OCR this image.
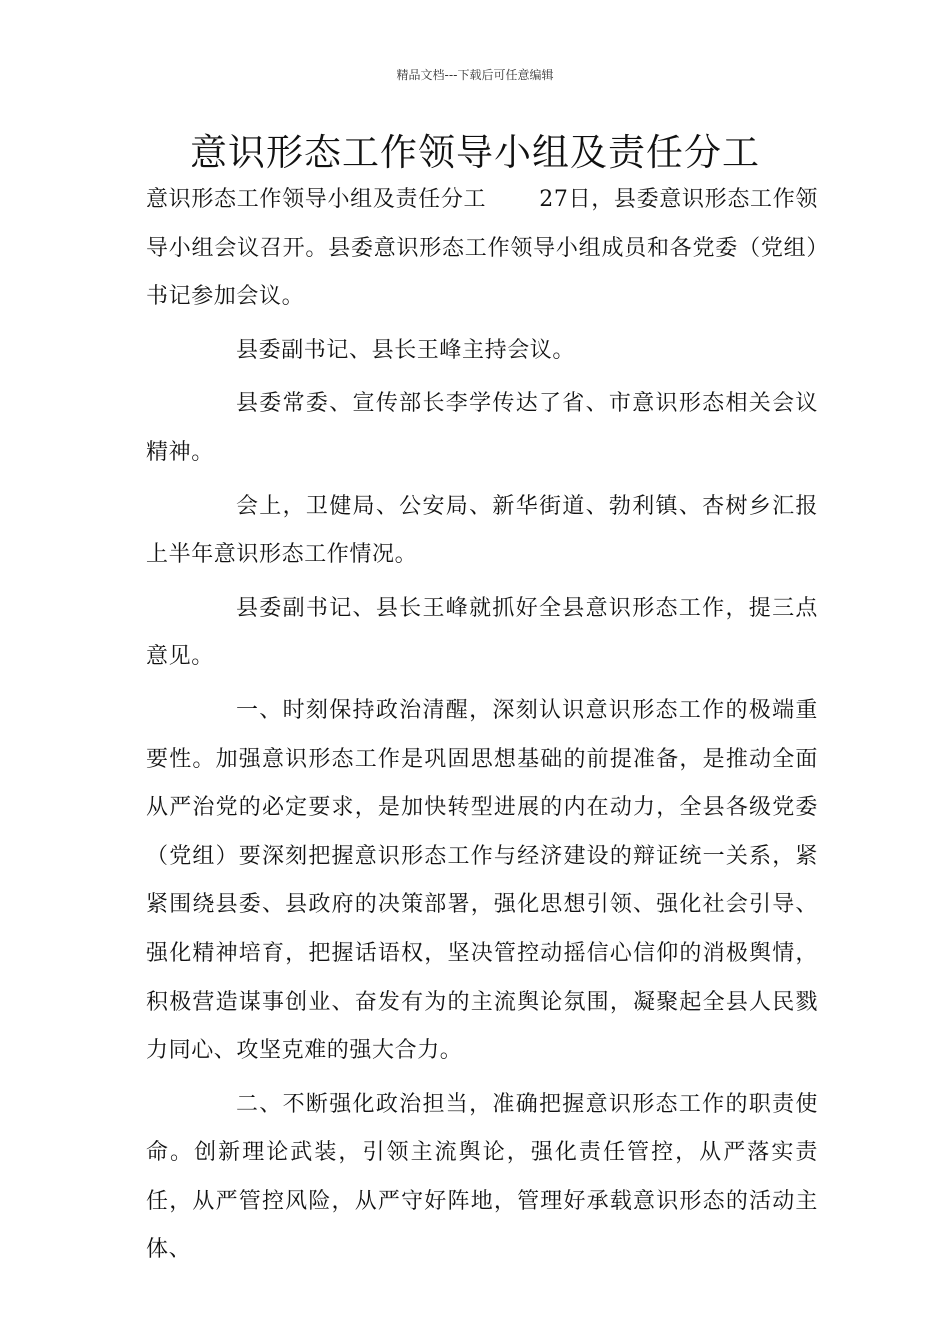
精品文档---下载后可任意编辑
意识形态工作领导小组及责任分工

意识形态工作领导小组及责任分工　　 27日，县委意识形态工作领导小组会议召开。县委意识形态工作领导小组成员和各党委（党组）书记参加会议。

县委副书记、县长王峰主持会议。

县委常委、宣传部长李学传达了省、市意识形态相关会议精神。

会上，卫健局、公安局、新华街道、勃利镇、杏树乡汇报上半年意识形态工作情况。

县委副书记、县长王峰就抓好全县意识形态工作，提三点意见。

一、时刻保持政治清醒，深刻认识意识形态工作的极端重要性。加强意识形态工作是巩固思想基础的前提准备，是推动全面从严治党的必定要求，是加快转型进展的内在动力，全县各级党委（党组）要深刻把握意识形态工作与经济建设的辩证统一关系，紧紧围绕县委、县政府的决策部署，强化思想引领、强化社会引导、强化精神培育，把握话语权，坚决管控动摇信心信仰的消极舆情，积极营造谋事创业、奋发有为的主流舆论氛围，凝聚起全县人民戮力同心、攻坚克难的强大合力。

二、不断强化政治担当，准确把握意识形态工作的职责使命。创新理论武装，引领主流舆论，强化责任管控，从严落实责任，从严管控风险，从严守好阵地，管理好承载意识形态的活动主体、
